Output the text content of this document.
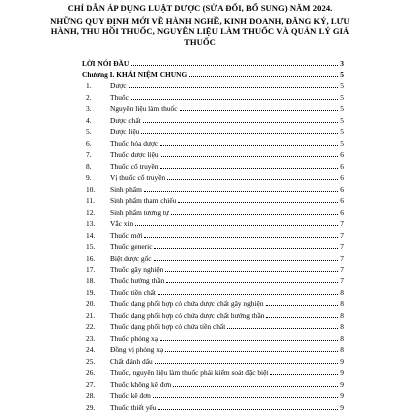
CHỈ DẪN ÁP DỤNG LUẬT DƯỢC (SỬA ĐỔI, BỔ SUNG) NĂM 2024.
NHỮNG QUY ĐỊNH MỚI VỀ HÀNH NGHỀ, KINH DOANH, ĐĂNG KÝ, LƯU HÀNH, THU HỒI THUỐC, NGUYÊN LIỆU LÀM THUỐC VÀ QUẢN LÝ GIÁ THUỐC
LỜI NÓI ĐẦU	3
Chương I. KHÁI NIỆM CHUNG	5
1.	Dược	5
2.	Thuốc	5
3.	Nguyên liệu làm thuốc	5
4.	Dược chất	5
5.	Dược liệu	5
6.	Thuốc hóa dược	5
7.	Thuốc dược liệu	6
8.	Thuốc cổ truyền	6
9.	Vị thuốc cổ truyền	6
10.	Sinh phẩm	6
11.	Sinh phẩm tham chiếu	6
12.	Sinh phẩm tương tự	6
13.	Vắc xin	7
14.	Thuốc mới	7
15.	Thuốc generic	7
16.	Biệt dược gốc	7
17.	Thuốc gây nghiện	7
18.	Thuốc hướng thần	7
19.	Thuốc tiền chất	8
20.	Thuốc dạng phối hợp có chứa dược chất gây nghiện	8
21.	Thuốc dạng phối hợp có chứa dược chất hướng thần	8
22.	Thuốc dạng phối hợp có chứa tiền chất	8
23.	Thuốc phóng xạ	8
24.	Đồng vị phóng xạ	8
25.	Chất đánh dấu	9
26.	Thuốc, nguyên liệu làm thuốc phải kiểm soát đặc biệt	9
27.	Thuốc không kê đơn	9
28.	Thuốc kê đơn	9
29.	Thuốc thiết yếu	9
